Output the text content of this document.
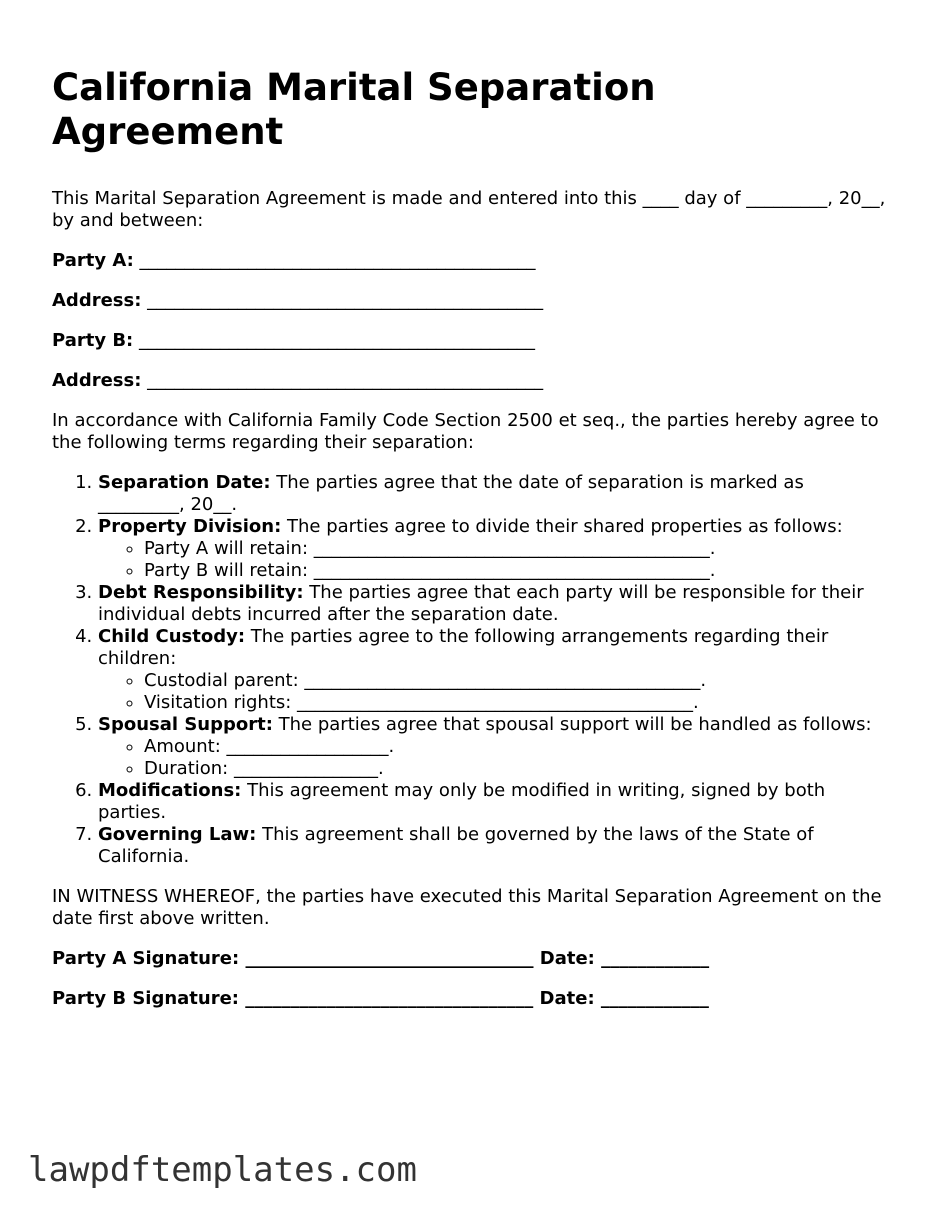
California Marital Separation Agreement

This Marital Separation Agreement is made and entered into this ____ day of _________, 20__, by and between:

Party A: ____________________________________________

Address: ____________________________________________

Party B: ____________________________________________

Address: ____________________________________________

In accordance with California Family Code Section 2500 et seq., the parties hereby agree to the following terms regarding their separation:

1. Separation Date: The parties agree that the date of separation is marked as _________, 20__.
2. Property Division: The parties agree to divide their shared properties as follows:
◦ Party A will retain: ____________________________________________.
◦ Party B will retain: ____________________________________________.
3. Debt Responsibility: The parties agree that each party will be responsible for their individual debts incurred after the separation date.
4. Child Custody: The parties agree to the following arrangements regarding their children:
◦ Custodial parent: ____________________________________________.
◦ Visitation rights: ____________________________________________.
5. Spousal Support: The parties agree that spousal support will be handled as follows:
◦ Amount: __________________.
◦ Duration: ________________.
6. Modifications: This agreement may only be modified in writing, signed by both parties.
7. Governing Law: This agreement shall be governed by the laws of the State of California.

IN WITNESS WHEREOF, the parties have executed this Marital Separation Agreement on the date first above written.

Party A Signature: ________________________________ Date: ____________

Party B Signature: ________________________________ Date: ____________

lawpdftemplates.com
